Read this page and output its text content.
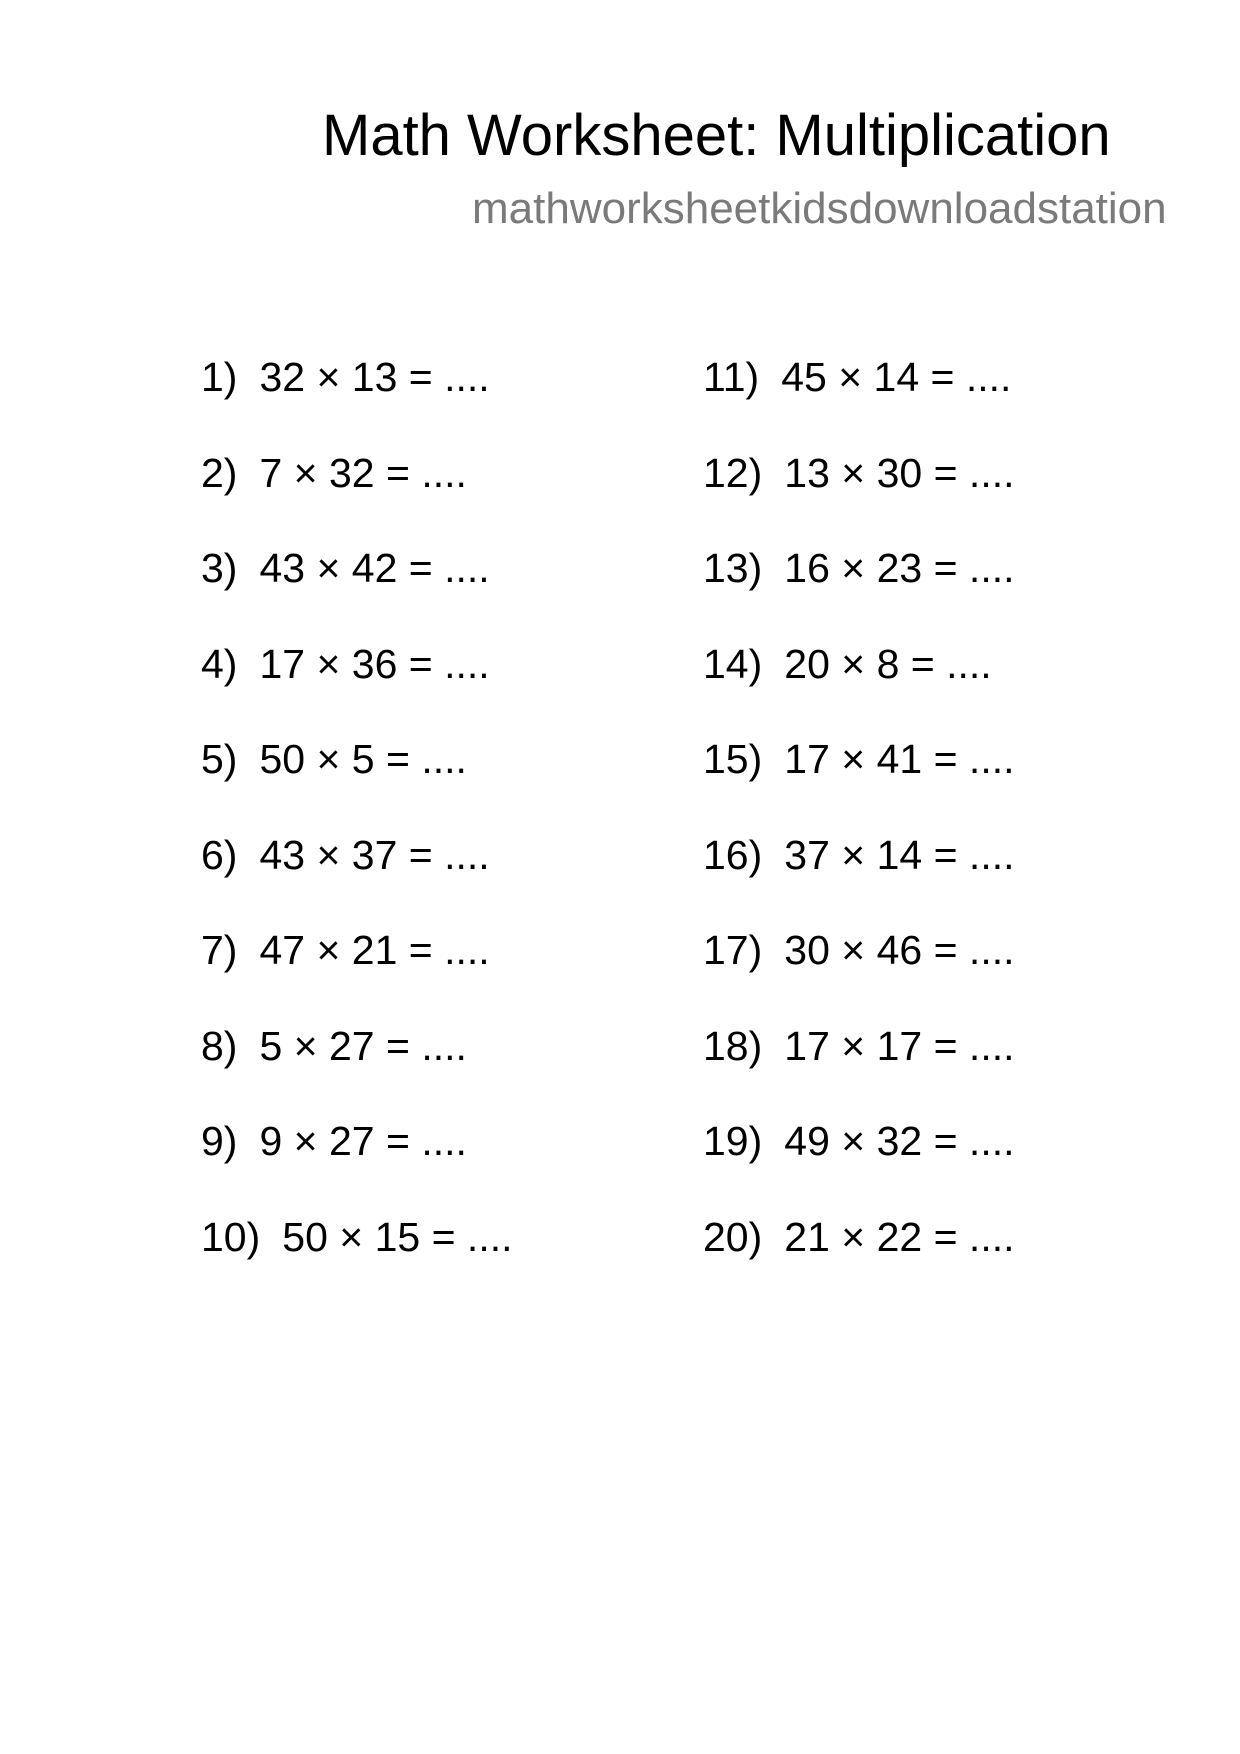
Math Worksheet: Multiplication
mathworksheetkidsdownloadstation
1) 32 × 13 = ....
2) 7 × 32 = ....
3) 43 × 42 = ....
4) 17 × 36 = ....
5) 50 × 5 = ....
6) 43 × 37 = ....
7) 47 × 21 = ....
8) 5 × 27 = ....
9) 9 × 27 = ....
10) 50 × 15 = ....
11) 45 × 14 = ....
12) 13 × 30 = ....
13) 16 × 23 = ....
14) 20 × 8 = ....
15) 17 × 41 = ....
16) 37 × 14 = ....
17) 30 × 46 = ....
18) 17 × 17 = ....
19) 49 × 32 = ....
20) 21 × 22 = ....
